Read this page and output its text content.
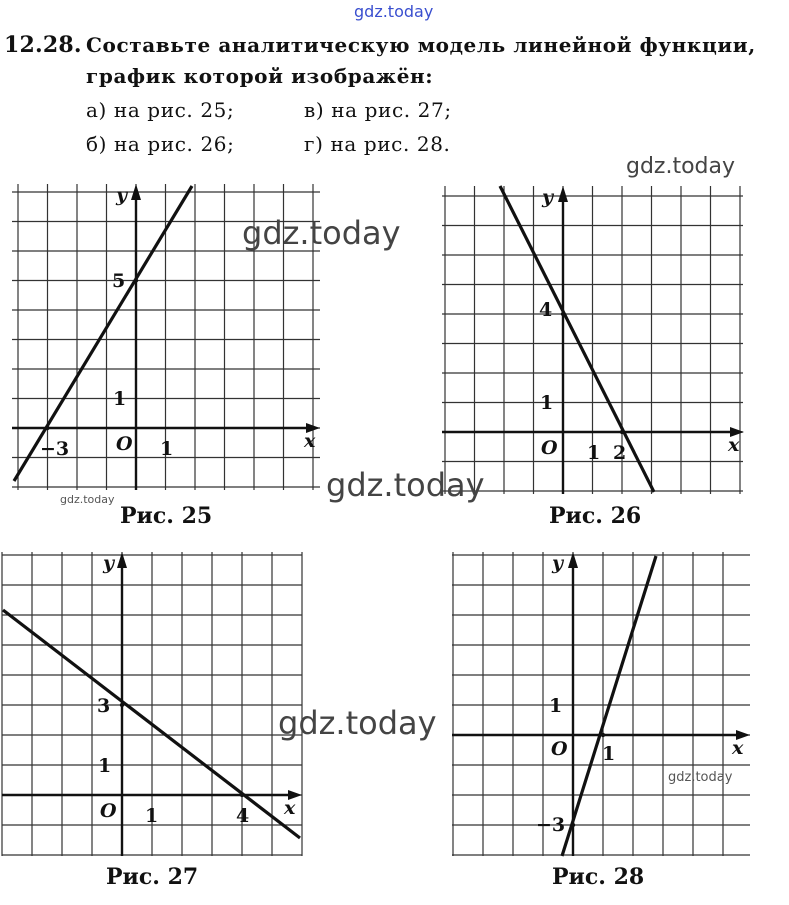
gdz.today
12.28. Составьте аналитическую модель линейной функции,
график которой изображён:
а) на рис. 25;
б) на рис. 26;
в) на рис. 27;
г) на рис. 28.
gdz.today
y
x
O
5
1
−3	1
gdz.today
gdz.today
Рис. 25
y
x
O
4
1
1 2
gdz.today
Рис. 26
y
x
O
3
1
1	4
gdz.today
Рис. 27
y
x
O
1
1
−3
gdz.today
Рис. 28
